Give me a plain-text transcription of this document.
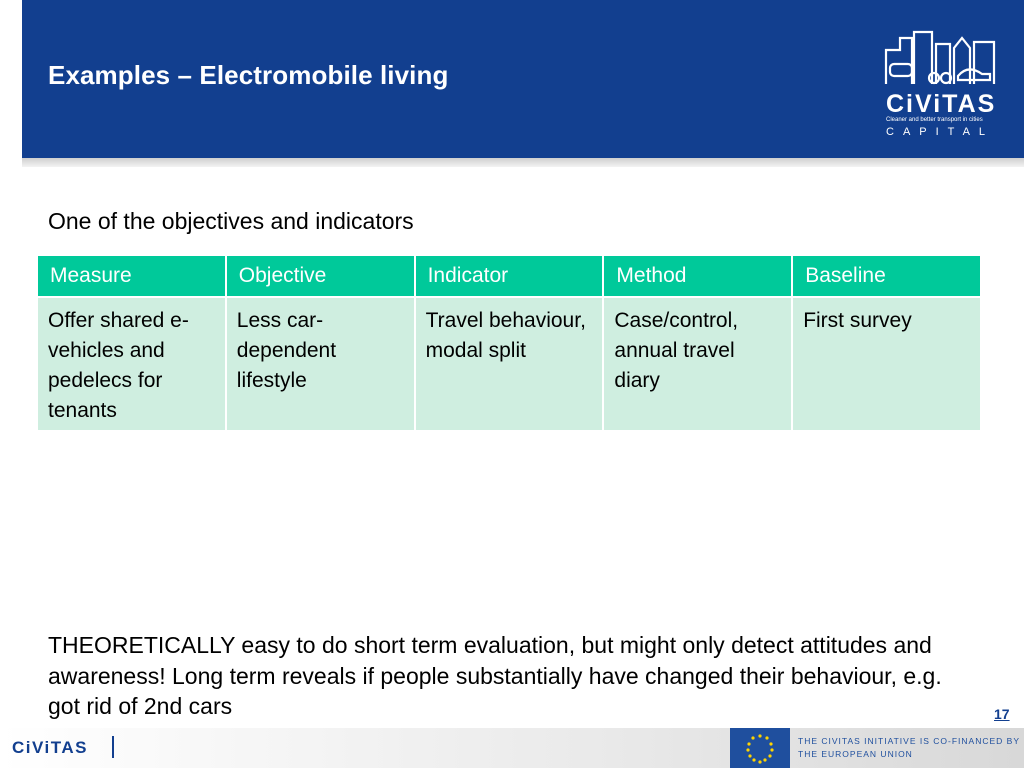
Examples – Electromobile living
CiViTAS
Cleaner and better transport in cities
CAPITAL
One of the objectives and indicators
Measure	Objective	Indicator	Method	Baseline
Offer shared e-vehicles and pedelecs for tenants	Less car-dependent lifestyle	Travel behaviour, modal split	Case/control, annual travel diary	First survey
THEORETICALLY easy to do short term evaluation, but might only detect attitudes and awareness! Long term reveals if people substantially have changed their behaviour, e.g. got rid of 2nd cars	17
CiViTAS	THE CIVITAS INITIATIVE IS CO-FINANCED BY
THE EUROPEAN UNION
